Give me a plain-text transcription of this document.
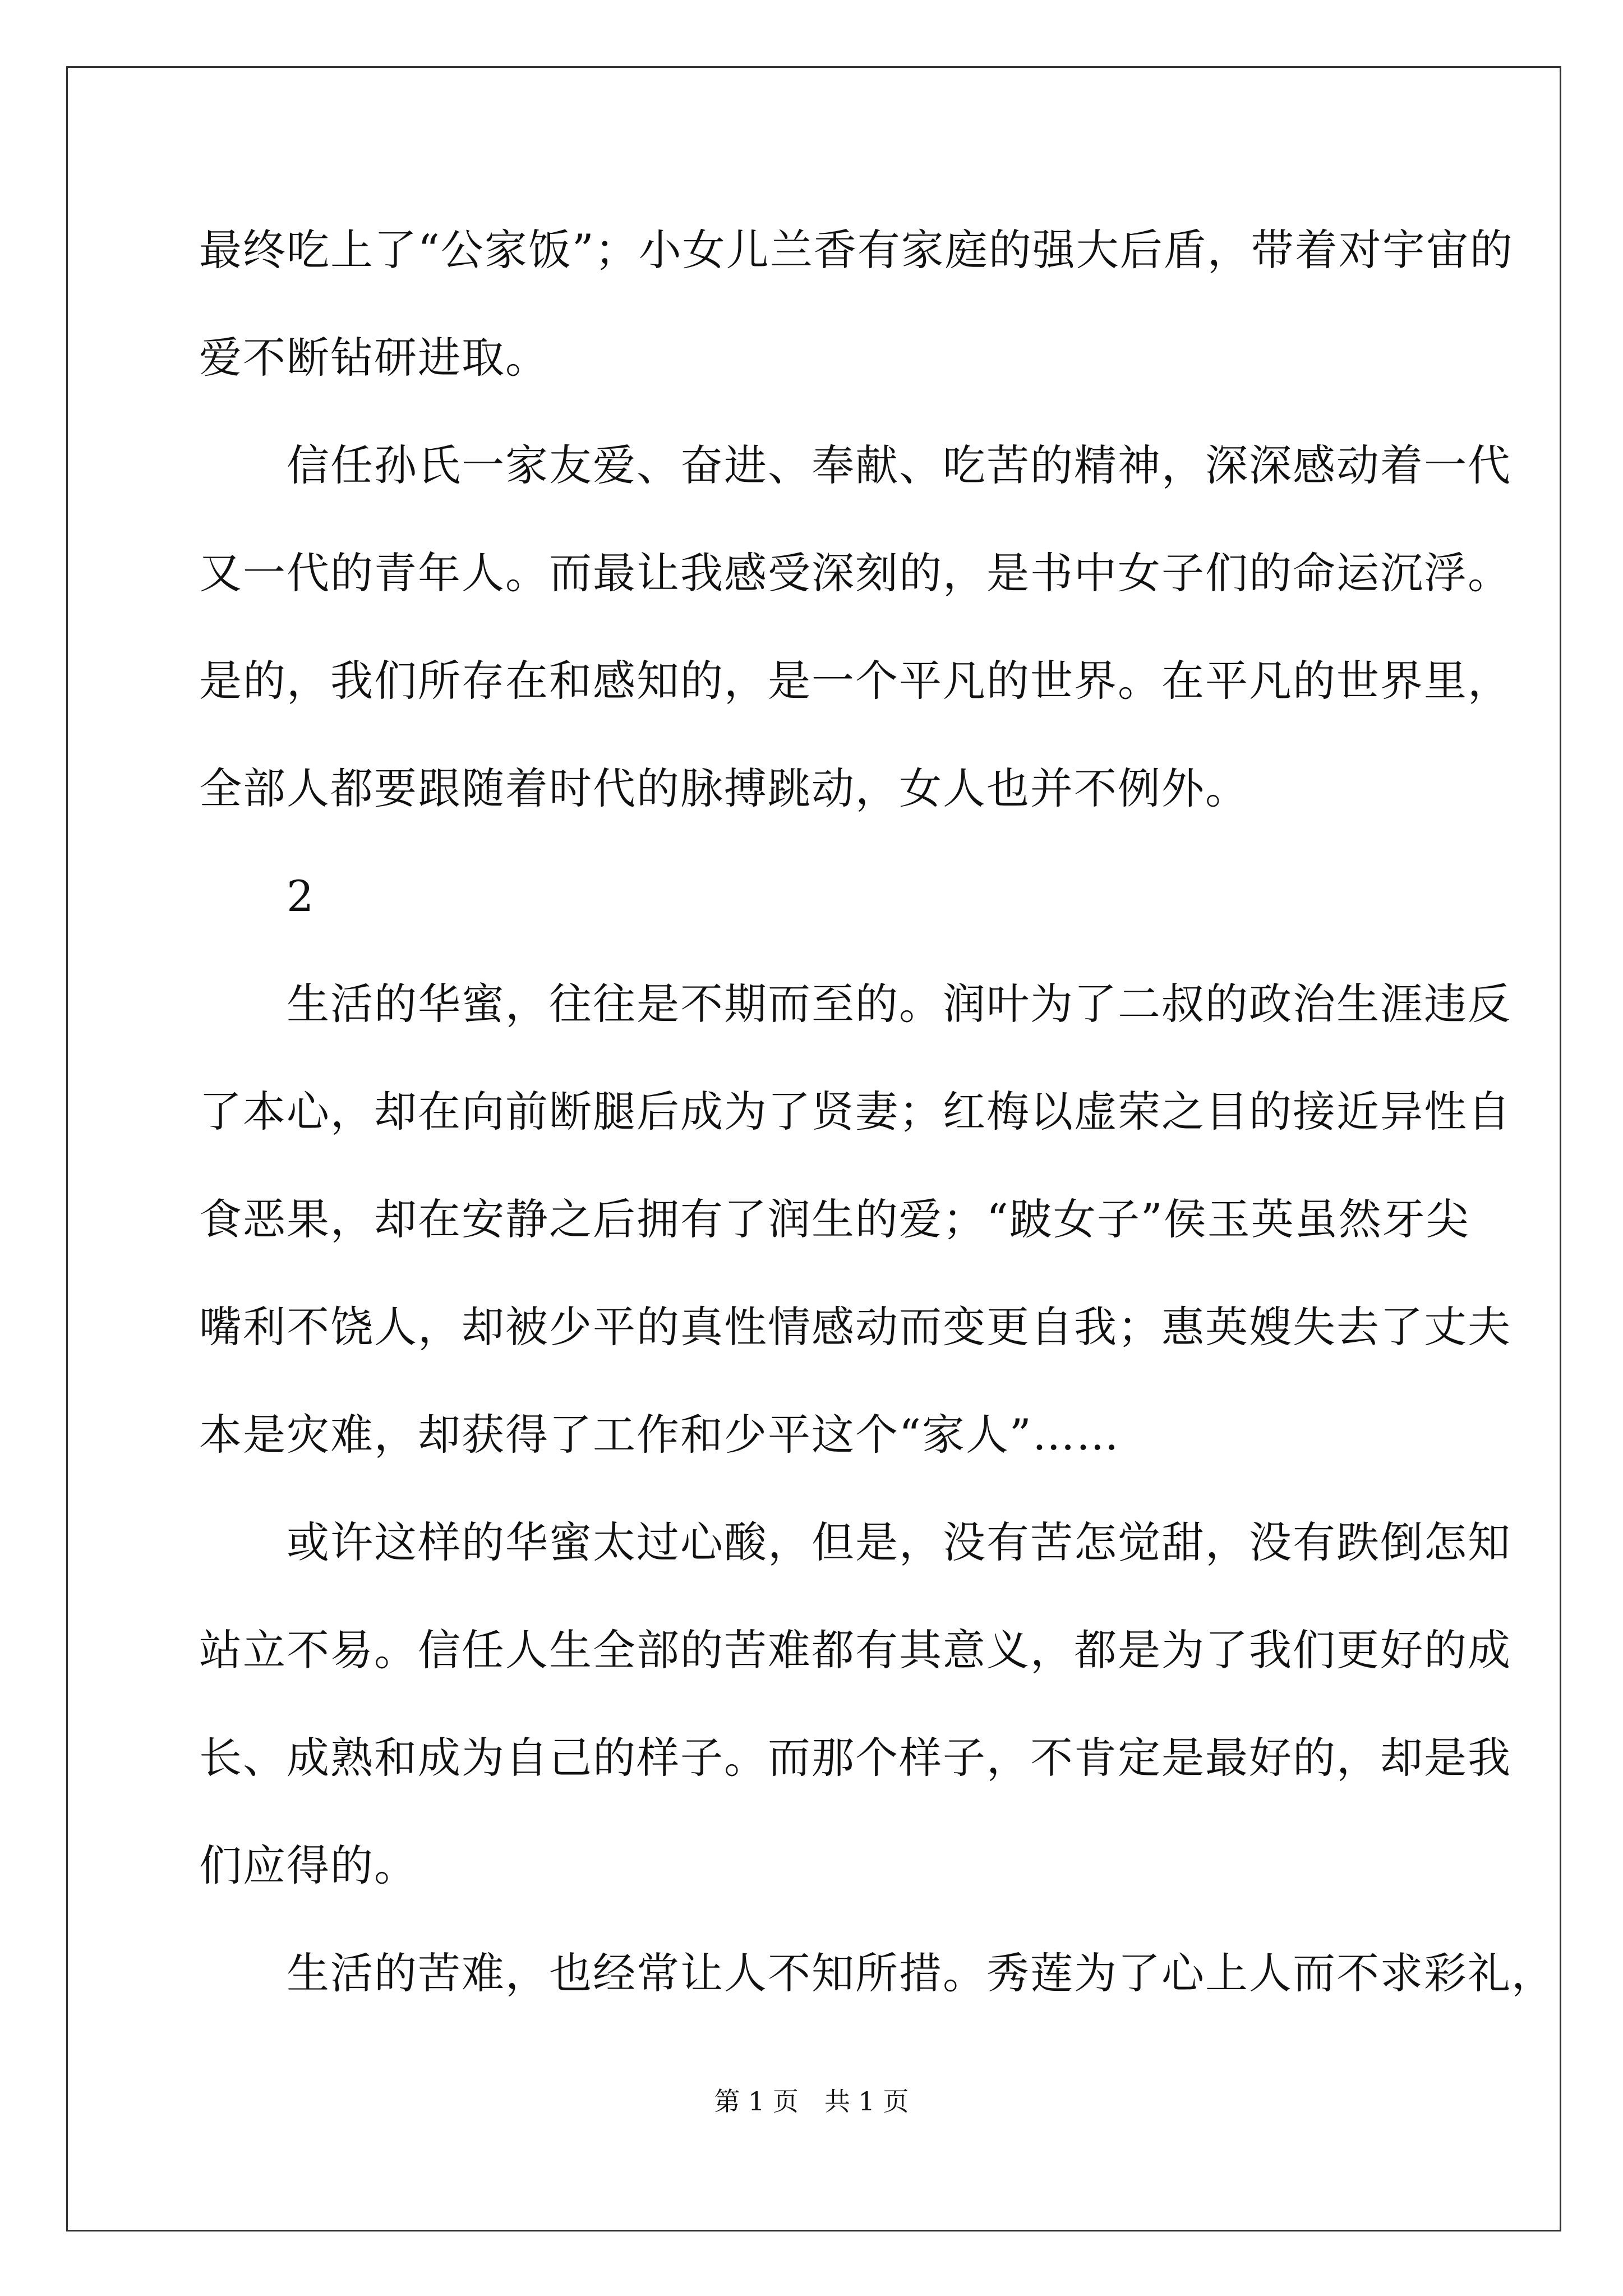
最终吃上了“公家饭”；小女儿兰香有家庭的强大后盾，带着对宇宙的
爱不断钻研进取。
　　信任孙氏一家友爱、奋进、奉献、吃苦的精神，深深感动着一代
又一代的青年人。而最让我感受深刻的，是书中女子们的命运沉浮。
是的，我们所存在和感知的，是一个平凡的世界。在平凡的世界里，
全部人都要跟随着时代的脉搏跳动，女人也并不例外。
　　2
　　生活的华蜜，往往是不期而至的。润叶为了二叔的政治生涯违反
了本心，却在向前断腿后成为了贤妻；红梅以虚荣之目的接近异性自
食恶果，却在安静之后拥有了润生的爱；“跛女子”侯玉英虽然牙尖
嘴利不饶人，却被少平的真性情感动而变更自我；惠英嫂失去了丈夫
本是灾难，却获得了工作和少平这个“家人”……
　　或许这样的华蜜太过心酸，但是，没有苦怎觉甜，没有跌倒怎知
站立不易。信任人生全部的苦难都有其意义，都是为了我们更好的成
长、成熟和成为自己的样子。而那个样子，不肯定是最好的，却是我
们应得的。
　　生活的苦难，也经常让人不知所措。秀莲为了心上人而不求彩礼，
第 1 页　共 1 页
